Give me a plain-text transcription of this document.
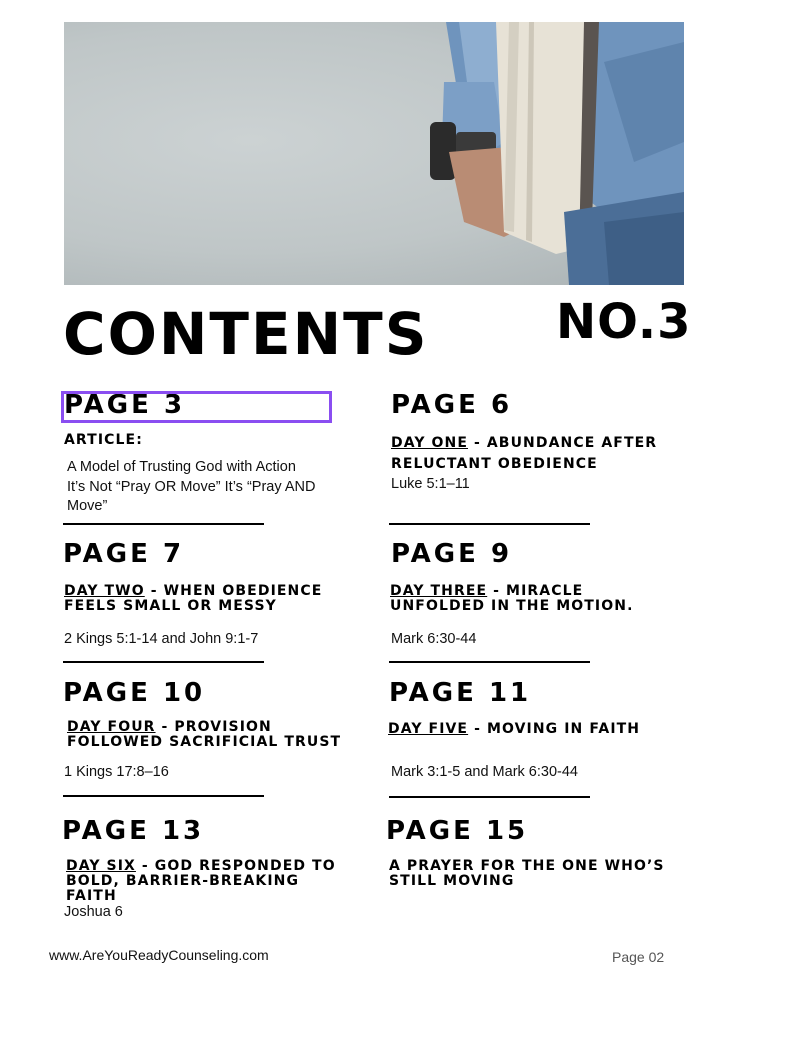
CONTENTS	NO.3
PAGE 3
ARTICLE:
A Model of Trusting God with Action
It’s Not “Pray OR Move” It’s “Pray AND
Move”
PAGE 6
DAY ONE - ABUNDANCE AFTER RELUCTANT OBEDIENCE
Luke 5:1–11
PAGE 7
DAY TWO - WHEN OBEDIENCE FEELS SMALL OR MESSY
2 Kings 5:1-14 and John 9:1-7
PAGE 9
DAY THREE - MIRACLE UNFOLDED IN THE MOTION.
Mark 6:30-44
PAGE 10
DAY FOUR - PROVISION FOLLOWED SACRIFICIAL TRUST
1 Kings 17:8–16
PAGE 11
DAY FIVE - MOVING IN FAITH
Mark 3:1-5 and Mark 6:30-44
PAGE 13
DAY SIX - GOD RESPONDED TO BOLD, BARRIER-BREAKING FAITH
Joshua 6
PAGE 15
A PRAYER FOR THE ONE WHO’S STILL MOVING
www.AreYouReadyCounseling.com	Page 02
